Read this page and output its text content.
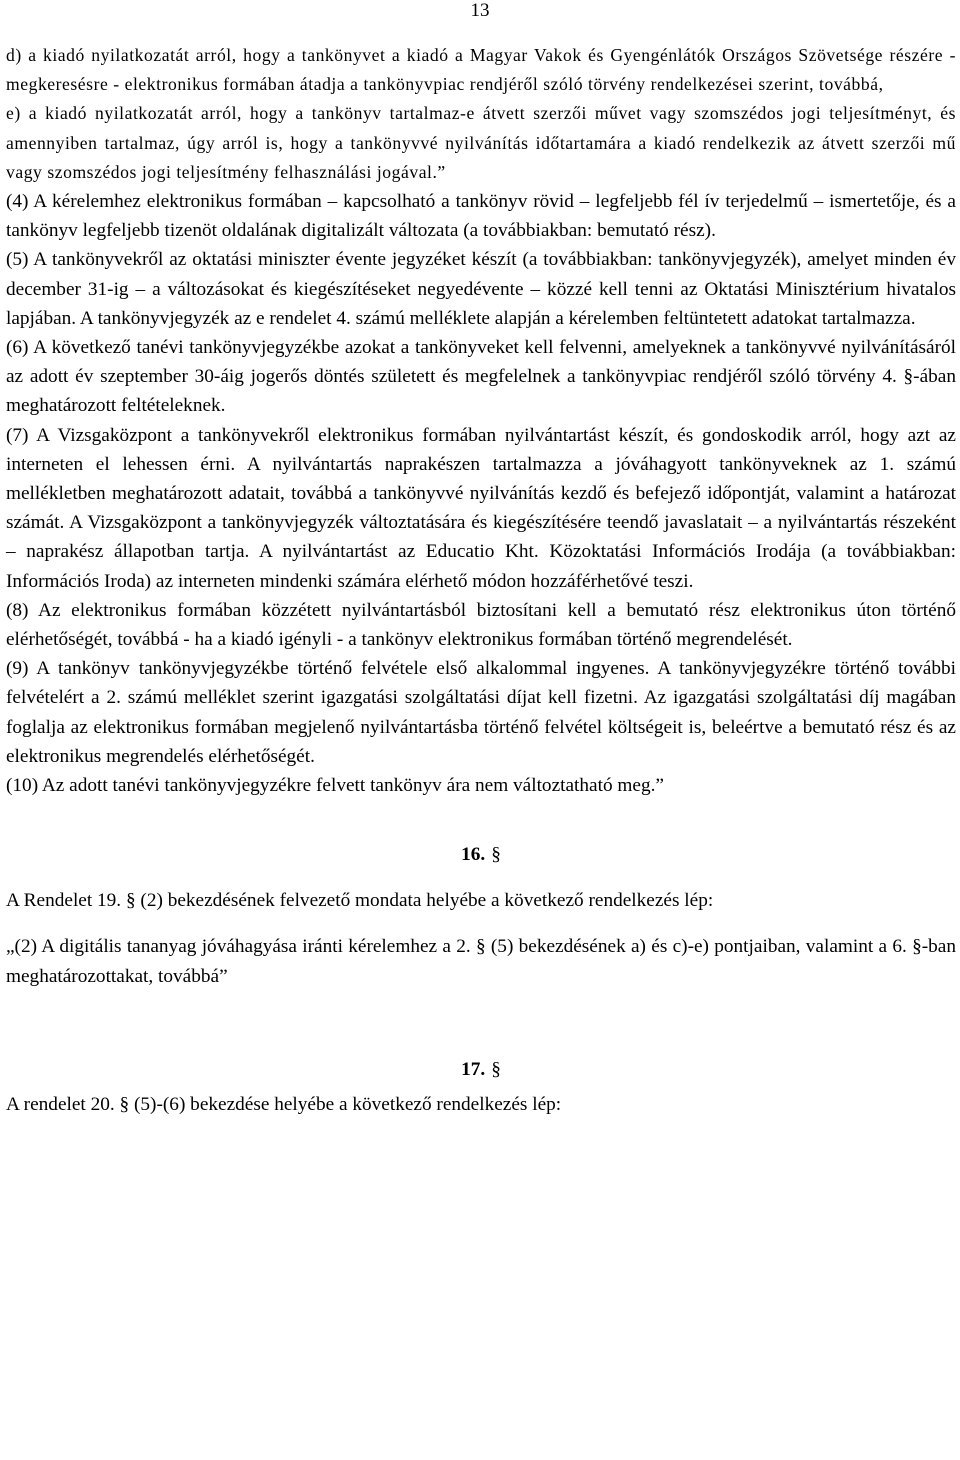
13

d) a kiadó nyilatkozatát arról, hogy a tankönyvet a kiadó a Magyar Vakok és Gyengénlátók Országos Szövetsége részére - megkeresésre - elektronikus formában átadja a tankönyvpiac rendjéről szóló törvény rendelkezései szerint, továbbá,

e) a kiadó nyilatkozatát arról, hogy a tankönyv tartalmaz-e átvett szerzői művet vagy szomszédos jogi teljesítményt, és amennyiben tartalmaz, úgy arról is, hogy a tankönyvvé nyilvánítás időtartamára a kiadó rendelkezik az átvett szerzői mű vagy szomszédos jogi teljesítmény felhasználási jogával.”

(4) A kérelemhez elektronikus formában – kapcsolható a tankönyv rövid – legfeljebb fél ív terjedelmű – ismertetője, és a tankönyv legfeljebb tizenöt oldalának digitalizált változata (a továbbiakban: bemutató rész).

(5) A tankönyvekről az oktatási miniszter évente jegyzéket készít (a továbbiakban: tankönyvjegyzék), amelyet minden év december 31-ig – a változásokat és kiegészítéseket negyedévente – közzé kell tenni az Oktatási Minisztérium hivatalos lapjában. A tankönyvjegyzék az e rendelet 4. számú melléklete alapján a kérelemben feltüntetett adatokat tartalmazza.

(6) A következő tanévi tankönyvjegyzékbe azokat a tankönyveket kell felvenni, amelyeknek a tankönyvvé nyilvánításáról az adott év szeptember 30-áig jogerős döntés született és megfelelnek a tankönyvpiac rendjéről szóló törvény 4. §-ában meghatározott feltételeknek.

(7) A Vizsgaközpont a tankönyvekről elektronikus formában nyilvántartást készít, és gondoskodik arról, hogy azt az interneten el lehessen érni. A nyilvántartás naprakészen tartalmazza a jóváhagyott tankönyveknek az 1. számú mellékletben meghatározott adatait, továbbá a tankönyvvé nyilvánítás kezdő és befejező időpontját, valamint a határozat számát. A Vizsgaközpont a tankönyvjegyzék változtatására és kiegészítésére teendő javaslatait – a nyilvántartás részeként – naprakész állapotban tartja. A nyilvántartást az Educatio Kht. Közoktatási Információs Irodája (a továbbiakban: Információs Iroda) az interneten mindenki számára elérhető módon hozzáférhetővé teszi.

(8) Az elektronikus formában közzétett nyilvántartásból biztosítani kell a bemutató rész elektronikus úton történő elérhetőségét, továbbá - ha a kiadó igényli - a tankönyv elektronikus formában történő megrendelését.

(9) A tankönyv tankönyvjegyzékbe történő felvétele első alkalommal ingyenes. A tankönyvjegyzékre történő további felvételért a 2. számú melléklet szerint igazgatási szolgáltatási díjat kell fizetni. Az igazgatási szolgáltatási díj magában foglalja az elektronikus formában megjelenő nyilvántartásba történő felvétel költségeit is, beleértve a bemutató rész és az elektronikus megrendelés elérhetőségét.

(10) Az adott tanévi tankönyvjegyzékre felvett tankönyv ára nem változtatható meg.”

16. §

A Rendelet 19. § (2) bekezdésének felvezető mondata helyébe a következő rendelkezés lép:

„(2) A digitális tananyag jóváhagyása iránti kérelemhez a 2. § (5) bekezdésének a) és c)-e) pontjaiban, valamint a 6. §-ban meghatározottakat, továbbá”

17. §

A rendelet 20. § (5)-(6) bekezdése helyébe a következő rendelkezés lép:
